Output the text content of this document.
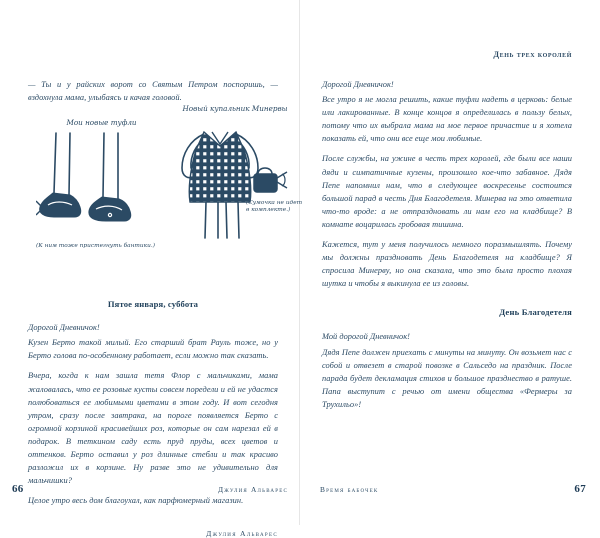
— Ты и у райских ворот со Святым Петром поспоришь, — вздохнула мама, улыбаясь и качая головой.

Мои новые туфли
(К ним тоже пристегнуть бантики.)
Новый купальник Минервы
(Сумочка не идет в комплекте.)
Пятое января, суббота

Дорогой Дневничок!

Кузен Берто такой милый. Его старший брат Рауль тоже, но у Берто голова по-особенному работает, если можно так сказать.

Вчера, когда к нам зашла тетя Флор с мальчиками, мама жаловалась, что ее розовые кусты совсем поредели и ей не удастся полюбоваться ее любимыми цветами в этом году. И вот сегодня утром, сразу после завтрака, на пороге появляется Берто с огромной корзиной красивейших роз, которые он сам нарезал ей в подарок. В теткином саду есть пруд пруды, всех цветов и оттенков. Берто оставил у роз длинные стебли и так красиво разложил их в корзине. Ну разве это не удивительно для мальчишки?

Целое утро весь дом благоухал, как парфюмерный магазин.

Джулия Альварес
66	Джулия Альварес
День трех королей

Дорогой Дневничок!

Все утро я не могла решить, какие туфли надеть в церковь: белые или лакированные. В конце концов я определилась в пользу белых, потому что их выбрала мама на мое первое причастие и я хотела показать ей, что они все еще мои любимые.

После службы, на ужине в честь трех королей, где были все наши дяди и симпатичные кузены, произошло кое-что забавное. Дядя Пепе напомнил нам, что в следующее воскресенье состоится большой парад в честь Дня Благодетеля. Минерва на это ответила что-то вроде: а не отпраздновать ли нам его на кладбище? В комнате воцарилась гробовая тишина.

Кажется, тут у меня получилось немного поразмышлять. Почему мы должны праздновать День Благодетеля на кладбище? Я спросила Минерву, но она сказала, что это была просто плохая шутка и чтобы я выкинула ее из головы.

День Благодетеля

Мой дорогой Дневничок!

Дядя Пепе должен приехать с минуты на минуту. Он возьмет нас с собой и отвезет в старой повозке в Сальседо на праздник. После парада будет декламация стихов и большое празднество в ратуше. Папа выступит с речью от имени общества «Фермеры за Трухильо»!

Время бабочек	67
